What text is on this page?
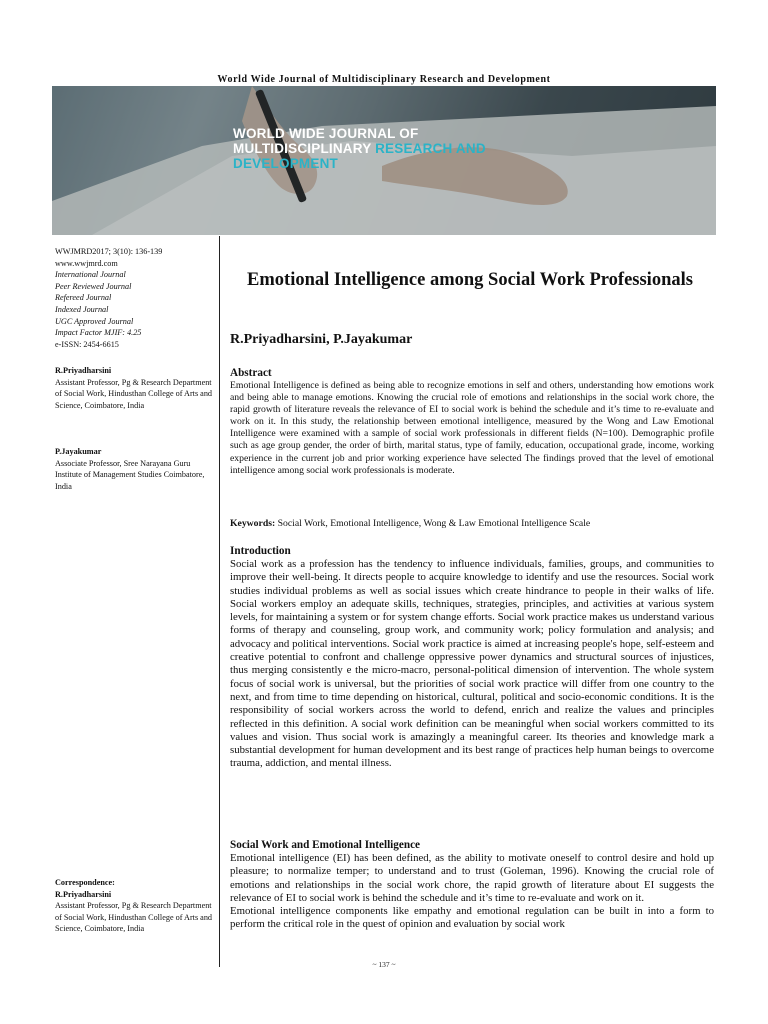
World Wide Journal of Multidisciplinary Research and Development
WORLD WIDE JOURNAL OF
MULTIDISCIPLINARY RESEARCH AND
DEVELOPMENT
WWJMRD2017; 3(10): 136-139
www.wwjmrd.com
International Journal
Peer Reviewed Journal
Refereed Journal
Indexed Journal
UGC Approved Journal
Impact Factor MJIF: 4.25
e-ISSN: 2454-6615
R.Priyadharsini
Assistant Professor, Pg & Research Department of Social Work, Hindusthan College of Arts and Science, Coimbatore, India
P.Jayakumar
Associate Professor, Sree Narayana Guru Institute of Management Studies Coimbatore, India
Correspondence:
R.Priyadharsini
Assistant Professor, Pg & Research Department of Social Work, Hindusthan College of Arts and Science, Coimbatore, India
Emotional Intelligence among Social Work Professionals
R.Priyadharsini, P.Jayakumar
Abstract
Emotional Intelligence is defined as being able to recognize emotions in self and others, understanding how emotions work and being able to manage emotions. Knowing the crucial role of emotions and relationships in the social work chore, the rapid growth of literature reveals the relevance of EI to social work is behind the schedule and it’s time to re-evaluate and work on it. In this study, the relationship between emotional intelligence, measured by the Wong and Law Emotional Intelligence were examined with a sample of social work professionals in different fields (N=100). Demographic profile such as age group gender, the order of birth, marital status, type of family, education, occupational grade, income, working experience in the current job and prior working experience have selected The findings proved that the level of emotional intelligence among social work professionals is moderate.
Keywords: Social Work, Emotional Intelligence, Wong & Law Emotional Intelligence Scale
Introduction
Social work as a profession has the tendency to influence individuals, families, groups, and communities to improve their well-being. It directs people to acquire knowledge to identify and use the resources. Social work studies individual problems as well as social issues which create hindrance to people in their walks of life. Social workers employ an adequate skills, techniques, strategies, principles, and activities at various system levels, for maintaining a system or for system change efforts. Social work practice makes us understand various forms of therapy and counseling, group work, and community work; policy formulation and analysis; and advocacy and political interventions. Social work practice is aimed at increasing people's hope, self-esteem and creative potential to confront and challenge oppressive power dynamics and structural sources of injustices, thus merging consistently e the micro-macro, personal-political dimension of intervention. The whole system focus of social work is universal, but the priorities of social work practice will differ from one country to the next, and from time to time depending on historical, cultural, political and socio-economic conditions. It is the responsibility of social workers across the world to defend, enrich and realize the values and principles reflected in this definition. A social work definition can be meaningful when social workers committed to its values and vision. Thus social work is amazingly a meaningful career. Its theories and knowledge mark a substantial development for human development and its best range of practices help human beings to overcome trauma, addiction, and mental illness.
Social Work and Emotional Intelligence
Emotional intelligence (EI) has been defined, as the ability to motivate oneself to control desire and hold up pleasure; to normalize temper; to understand and to trust (Goleman, 1996). Knowing the crucial role of emotions and relationships in the social work chore, the rapid growth of literature about EI suggests the relevance of EI to social work is behind the schedule and it’s time to re-evaluate and work on it.
Emotional intelligence components like empathy and emotional regulation can be built in into a form to perform the critical role in the quest of opinion and evaluation by social work
~ 137 ~
